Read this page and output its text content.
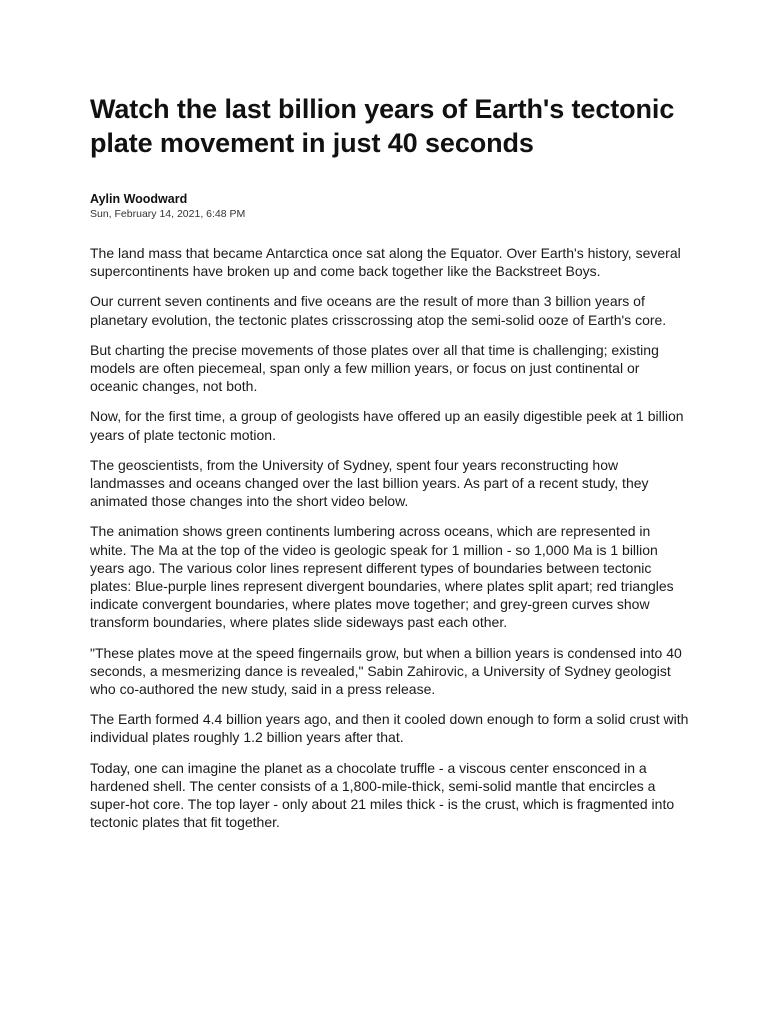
Watch the last billion years of Earth's tectonic plate movement in just 40 seconds
Aylin Woodward
Sun, February 14, 2021, 6:48 PM

The land mass that became Antarctica once sat along the Equator. Over Earth's history, several supercontinents have broken up and come back together like the Backstreet Boys.

Our current seven continents and five oceans are the result of more than 3 billion years of planetary evolution, the tectonic plates crisscrossing atop the semi-solid ooze of Earth's core.

But charting the precise movements of those plates over all that time is challenging; existing models are often piecemeal, span only a few million years, or focus on just continental or oceanic changes, not both.

Now, for the first time, a group of geologists have offered up an easily digestible peek at 1 billion years of plate tectonic motion.

The geoscientists, from the University of Sydney, spent four years reconstructing how landmasses and oceans changed over the last billion years. As part of a recent study, they animated those changes into the short video below.

The animation shows green continents lumbering across oceans, which are represented in white. The Ma at the top of the video is geologic speak for 1 million - so 1,000 Ma is 1 billion years ago. The various color lines represent different types of boundaries between tectonic plates: Blue-purple lines represent divergent boundaries, where plates split apart; red triangles indicate convergent boundaries, where plates move together; and grey-green curves show transform boundaries, where plates slide sideways past each other.

"These plates move at the speed fingernails grow, but when a billion years is condensed into 40 seconds, a mesmerizing dance is revealed," Sabin Zahirovic, a University of Sydney geologist who co-authored the new study, said in a press release.

The Earth formed 4.4 billion years ago, and then it cooled down enough to form a solid crust with individual plates roughly 1.2 billion years after that.

Today, one can imagine the planet as a chocolate truffle - a viscous center ensconced in a hardened shell. The center consists of a 1,800-mile-thick, semi-solid mantle that encircles a super-hot core. The top layer - only about 21 miles thick - is the crust, which is fragmented into tectonic plates that fit together.
